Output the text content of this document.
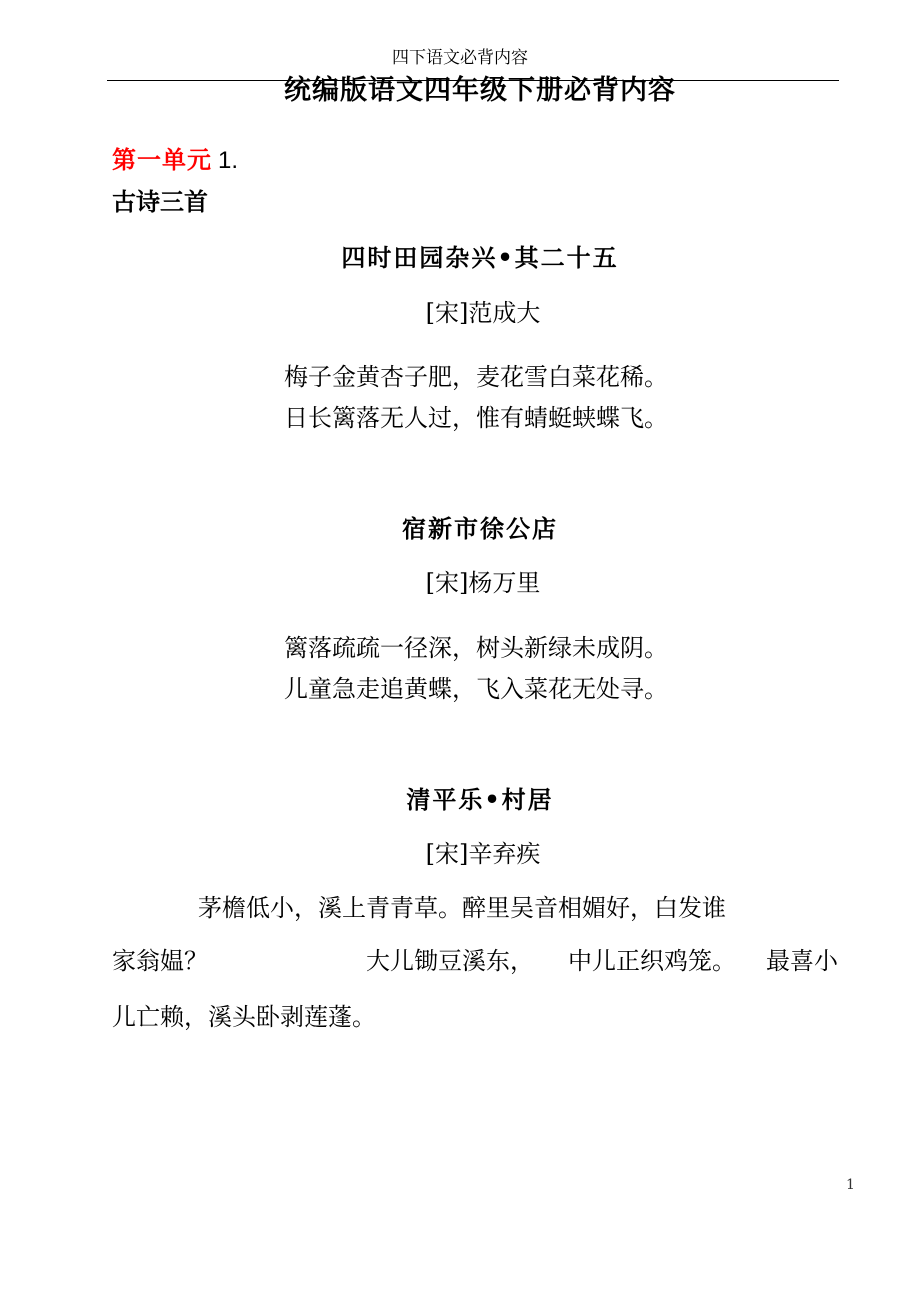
四下语文必背内容
统编版语文四年级下册必背内容
第一单元 1.
古诗三首
四时田园杂兴•其二十五
[宋]范成大
梅子金黄杏子肥，麦花雪白菜花稀。
日长篱落无人过，惟有蜻蜓蛱蝶飞。
宿新市徐公店
[宋]杨万里
篱落疏疏一径深，树头新绿未成阴。
儿童急走追黄蝶，飞入菜花无处寻。
清平乐•村居
[宋]辛弃疾
茅檐低小，溪上青青草。醉里吴音相媚好，白发谁
家翁媪？	大儿锄豆溪东， 中儿正织鸡笼。 最喜小
儿亡赖，溪头卧剥莲蓬。
1
